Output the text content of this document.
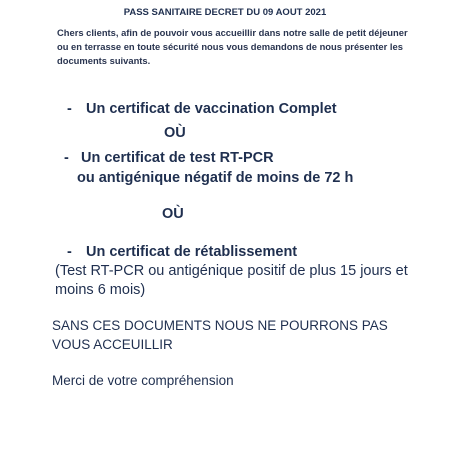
PASS SANITAIRE DECRET DU 09 AOUT 2021
Chers clients, afin de pouvoir vous accueillir dans notre salle de petit déjeuner
ou en terrasse en toute sécurité nous vous demandons de nous présenter les
documents suivants.
- Un certificat de vaccination Complet
OÙ
- Un certificat de test RT-PCR
ou antigénique négatif de moins de 72 h
OÙ
- Un certificat de rétablissement
(Test RT-PCR ou antigénique positif de plus 15 jours et
moins 6 mois)
SANS CES DOCUMENTS NOUS NE POURRONS PAS
VOUS ACCEUILLIR
Merci de votre compréhension
